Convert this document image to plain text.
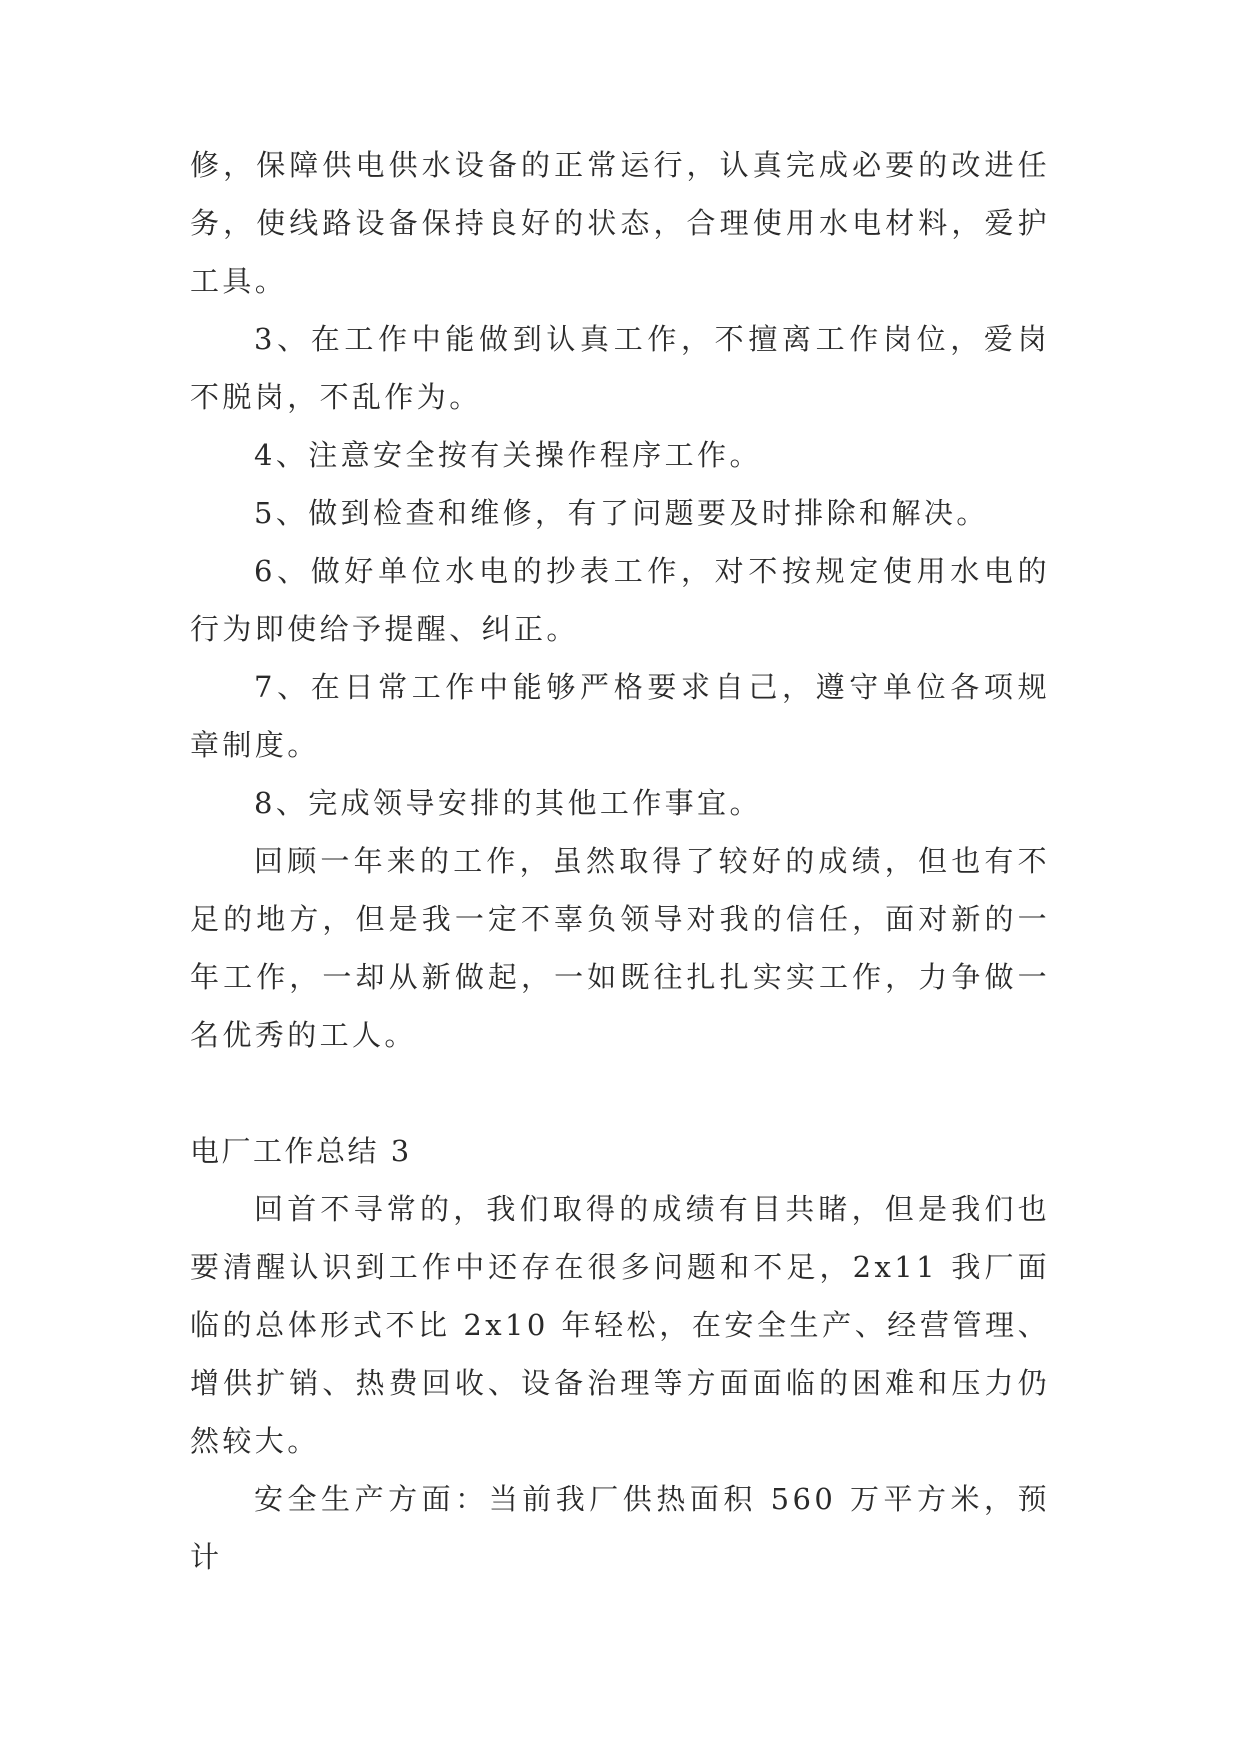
修，保障供电供水设备的正常运行，认真完成必要的改进任务，使线路设备保持良好的状态，合理使用水电材料，爱护工具。

3、在工作中能做到认真工作，不擅离工作岗位，爱岗不脱岗，不乱作为。

4、注意安全按有关操作程序工作。

5、做到检查和维修，有了问题要及时排除和解决。

6、做好单位水电的抄表工作，对不按规定使用水电的行为即使给予提醒、纠正。

7、在日常工作中能够严格要求自己，遵守单位各项规章制度。

8、完成领导安排的其他工作事宜。

回顾一年来的工作，虽然取得了较好的成绩，但也有不足的地方，但是我一定不辜负领导对我的信任，面对新的一年工作，一却从新做起，一如既往扎扎实实工作，力争做一名优秀的工人。

电厂工作总结 3

回首不寻常的，我们取得的成绩有目共睹，但是我们也要清醒认识到工作中还存在很多问题和不足，2x11 我厂面临的总体形式不比 2x10 年轻松，在安全生产、经营管理、增供扩销、热费回收、设备治理等方面面临的困难和压力仍然较大。

安全生产方面：当前我厂供热面积 560 万平方米，预计
